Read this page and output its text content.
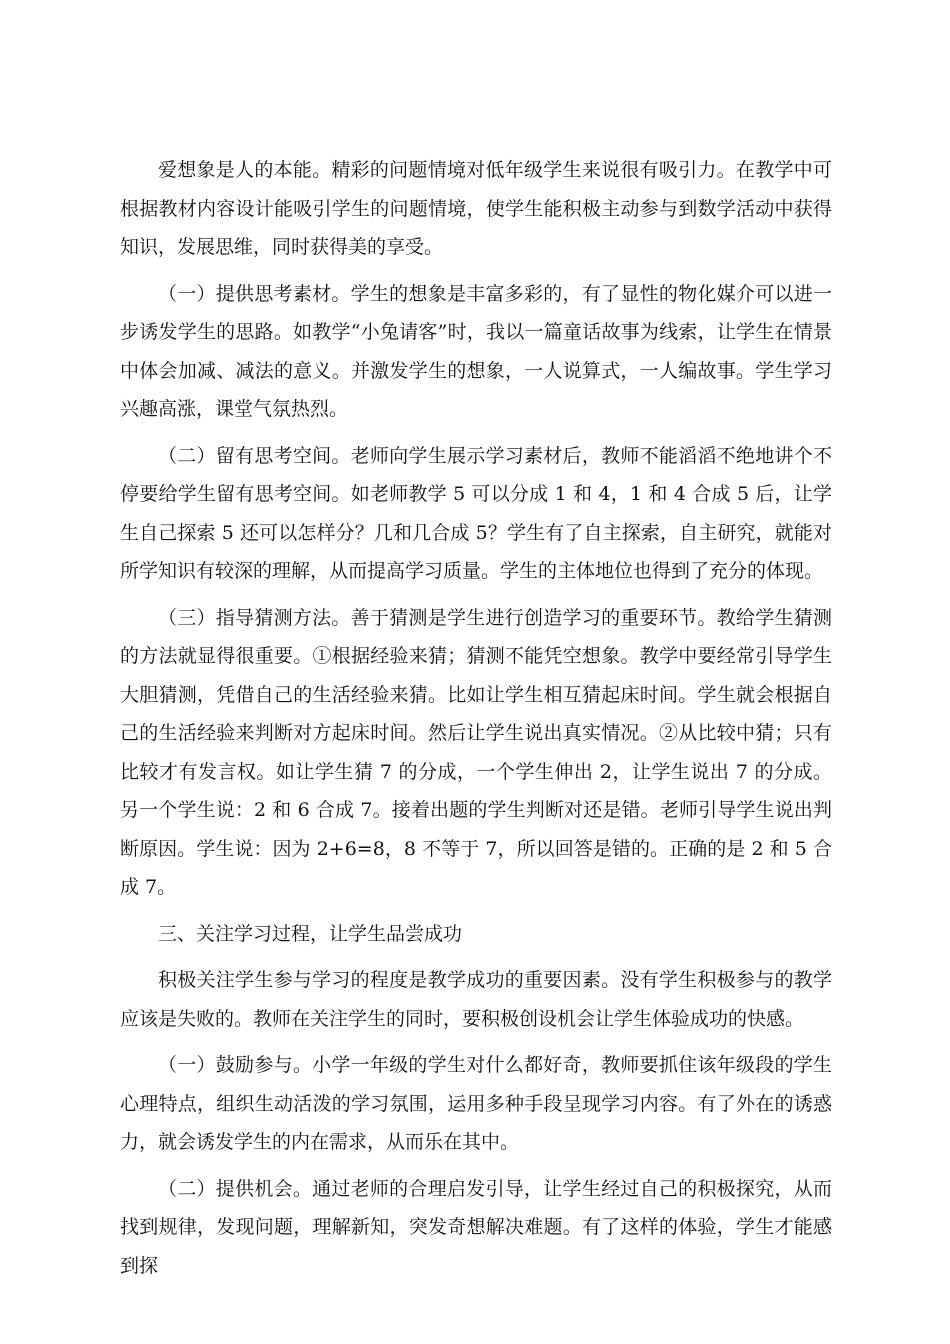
爱想象是人的本能。精彩的问题情境对低年级学生来说很有吸引力。在教学中可根据教材内容设计能吸引学生的问题情境，使学生能积极主动参与到数学活动中获得知识，发展思维，同时获得美的享受。

（一）提供思考素材。学生的想象是丰富多彩的，有了显性的物化媒介可以进一步诱发学生的思路。如教学“小兔请客”时，我以一篇童话故事为线索，让学生在情景中体会加减、减法的意义。并激发学生的想象，一人说算式，一人编故事。学生学习兴趣高涨，课堂气氛热烈。

（二）留有思考空间。老师向学生展示学习素材后，教师不能滔滔不绝地讲个不停要给学生留有思考空间。如老师教学 5 可以分成 1 和 4，1 和 4 合成 5 后，让学生自己探索 5 还可以怎样分？几和几合成 5？学生有了自主探索，自主研究，就能对所学知识有较深的理解，从而提高学习质量。学生的主体地位也得到了充分的体现。

（三）指导猜测方法。善于猜测是学生进行创造学习的重要环节。教给学生猜测的方法就显得很重要。①根据经验来猜；猜测不能凭空想象。教学中要经常引导学生大胆猜测，凭借自己的生活经验来猜。比如让学生相互猜起床时间。学生就会根据自己的生活经验来判断对方起床时间。然后让学生说出真实情况。②从比较中猜；只有比较才有发言权。如让学生猜 7 的分成，一个学生伸出 2，让学生说出 7 的分成。另一个学生说：2 和 6 合成 7。接着出题的学生判断对还是错。老师引导学生说出判断原因。学生说：因为 2+6=8，8 不等于 7，所以回答是错的。正确的是 2 和 5 合成 7。

三、关注学习过程，让学生品尝成功

积极关注学生参与学习的程度是教学成功的重要因素。没有学生积极参与的教学应该是失败的。教师在关注学生的同时，要积极创设机会让学生体验成功的快感。

（一）鼓励参与。小学一年级的学生对什么都好奇，教师要抓住该年级段的学生心理特点，组织生动活泼的学习氛围，运用多种手段呈现学习内容。有了外在的诱惑力，就会诱发学生的内在需求，从而乐在其中。

（二）提供机会。通过老师的合理启发引导，让学生经过自己的积极探究，从而找到规律，发现问题，理解新知，突发奇想解决难题。有了这样的体验，学生才能感到探
